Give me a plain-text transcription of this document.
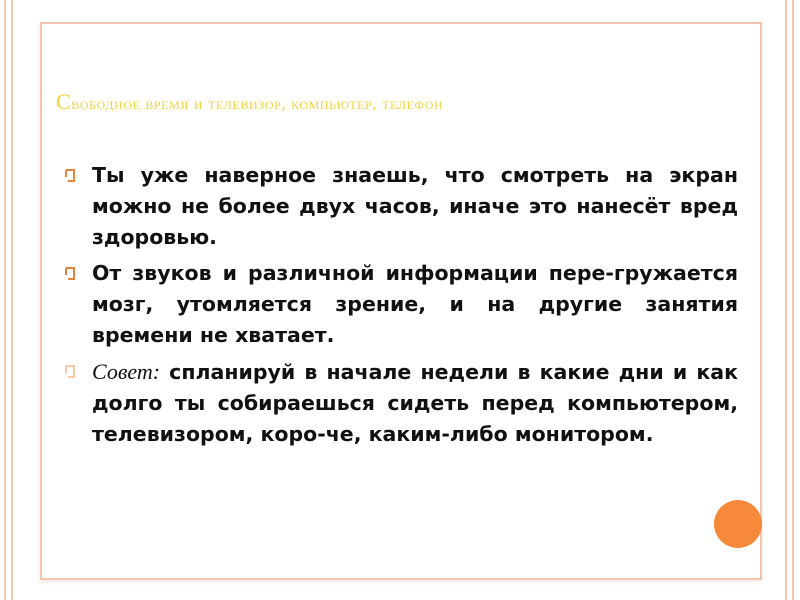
Свободное время и телевизор, компьютер, телефон
Ты уже наверное знаешь, что смотреть на экран можно не более двух часов, иначе это нанесёт вред здоровью.
От звуков и различной информации пере-гружается мозг, утомляется зрение, и на другие занятия времени не хватает.
Совет: спланируй в начале недели в какие дни и как долго ты собираешься сидеть перед компьютером, телевизором, коро-че, каким-либо монитором.
